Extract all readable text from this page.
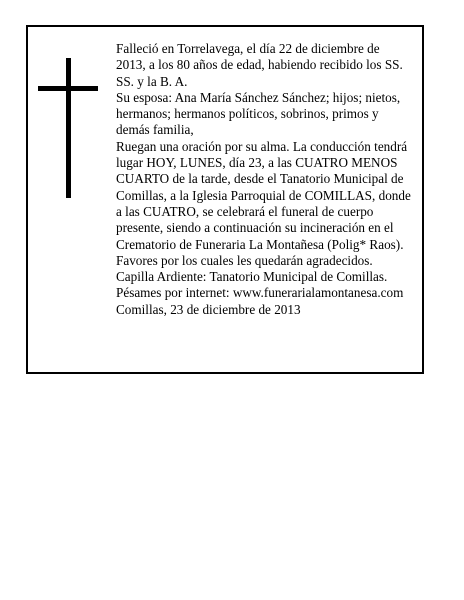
Falleció en Torrelavega, el día 22 de diciembre de
2013, a los 80 años de edad, habiendo recibido los SS.
SS. y la B. A.
Su esposa: Ana María Sánchez Sánchez; hijos; nietos,
hermanos; hermanos políticos, sobrinos, primos y
demás familia,
Ruegan una oración por su alma. La conducción tendrá
lugar HOY, LUNES, día 23, a las CUATRO MENOS
CUARTO de la tarde, desde el Tanatorio Municipal de
Comillas, a la Iglesia Parroquial de COMILLAS, donde
a las CUATRO, se celebrará el funeral de cuerpo
presente, siendo a continuación su incineración en el
Crematorio de Funeraria La Montañesa (Polig* Raos).
Favores por los cuales les quedarán agradecidos.
Capilla Ardiente: Tanatorio Municipal de Comillas.
Pésames por internet: www.funerarialamontanesa.com
Comillas, 23 de diciembre de 2013
